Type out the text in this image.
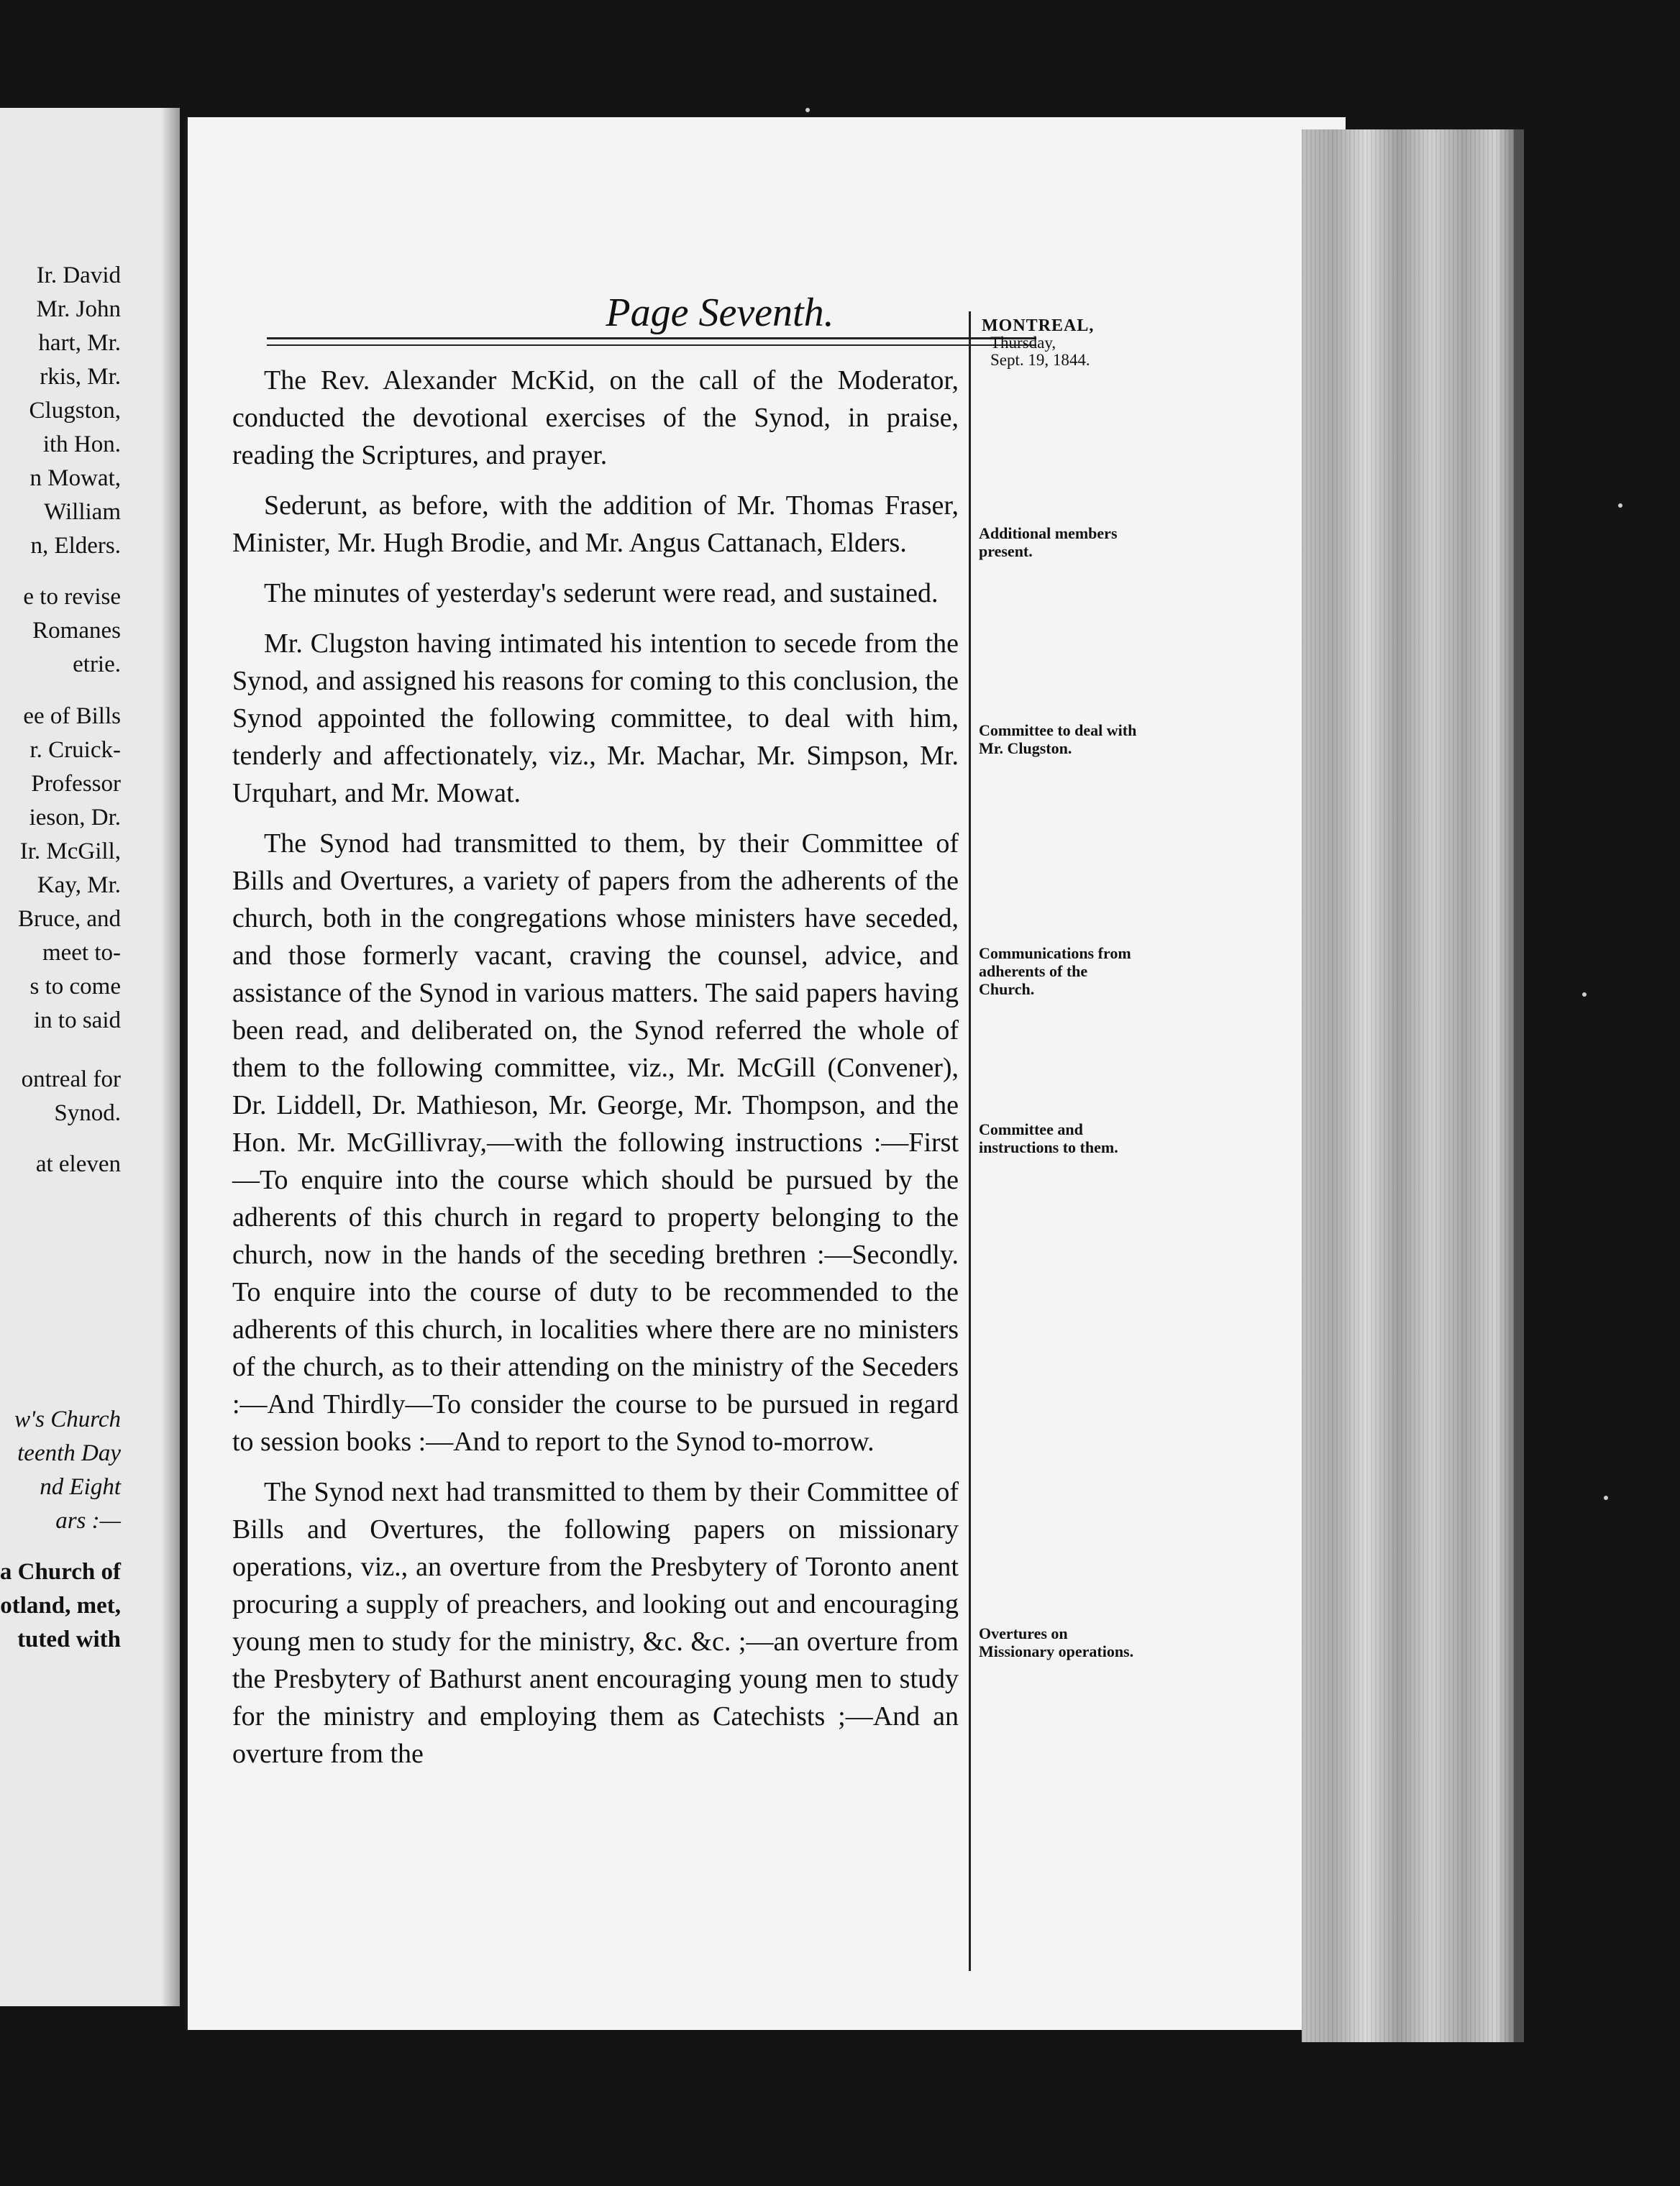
Ir. David
Mr. John
hart, Mr.
rkis, Mr.
Clugston,
ith Hon.
n Mowat,
William
n, Elders.
e to revise
Romanes
etrie.
ee of Bills
r. Cruick-
Professor
ieson, Dr.
Ir. McGill,
Kay, Mr.
Bruce, and
meet to-
s to come
in to said
ontreal for
Synod.
at eleven
w's Church
teenth Day
nd Eight
ars :—
a Church of
otland, met,
tuted with
Page Seventh.	MONTREAL,
Thursday,
Sept. 19, 1844.

The Rev. Alexander McKid, on the call of the Moderator, conducted the devotional exercises of the Synod, in praise, reading the Scriptures, and prayer.

Sederunt, as before, with the addition of Mr. Thomas Fraser, Minister, Mr. Hugh Brodie, and Mr. Angus Cattanach, Elders.

The minutes of yesterday's sederunt were read, and sustained.

Mr. Clugston having intimated his intention to secede from the Synod, and assigned his reasons for coming to this conclusion, the Synod appointed the following committee, to deal with him, tenderly and affectionately, viz., Mr. Machar, Mr. Simpson, Mr. Urquhart, and Mr. Mowat.

The Synod had transmitted to them, by their Committee of Bills and Overtures, a variety of papers from the adherents of the church, both in the congregations whose ministers have seceded, and those formerly vacant, craving the counsel, advice, and assistance of the Synod in various matters. The said papers having been read, and deliberated on, the Synod referred the whole of them to the following committee, viz., Mr. McGill (Convener), Dr. Liddell, Dr. Mathieson, Mr. George, Mr. Thompson, and the Hon. Mr. McGillivray,—with the following instructions :—First—To enquire into the course which should be pursued by the adherents of this church in regard to property belonging to the church, now in the hands of the seceding brethren :—Secondly. To enquire into the course of duty to be recommended to the adherents of this church, in localities where there are no ministers of the church, as to their attending on the ministry of the Seceders :—And Thirdly—To consider the course to be pursued in regard to session books :—And to report to the Synod to-morrow.

The Synod next had transmitted to them by their Committee of Bills and Overtures, the following papers on missionary operations, viz., an overture from the Presbytery of Toronto anent procuring a supply of preachers, and looking out and encouraging young men to study for the ministry, &c. &c. ;—an overture from the Presbytery of Bathurst anent encouraging young men to study for the ministry and employing them as Catechists ;—And an overture from the

Additional members present.
Committee to deal with Mr. Clugston.
Communications from adherents of the Church.
Committee and instructions to them.
Overtures on Missionary operations.
